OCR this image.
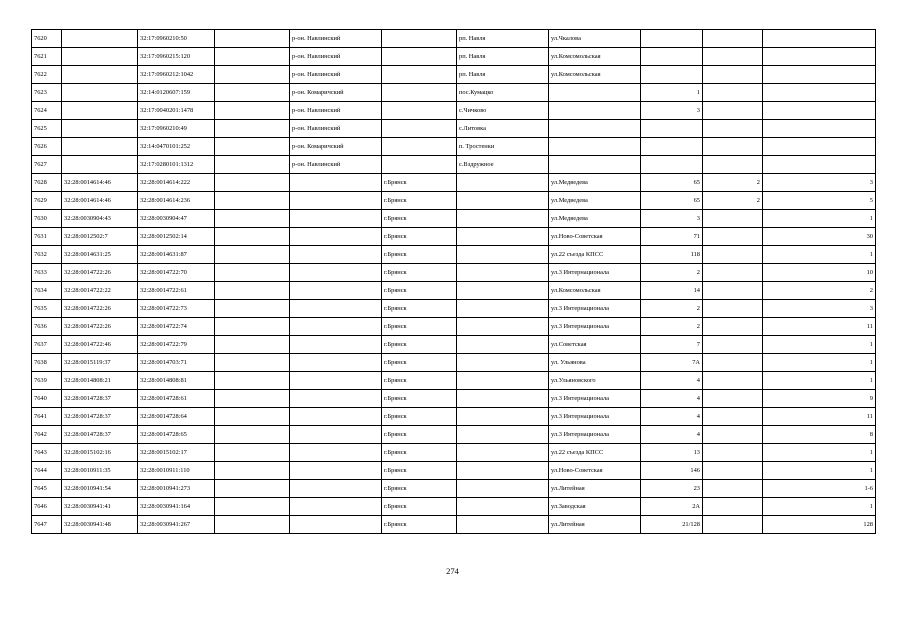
7620		32:17:0960210:50		р-он. Навлинский		рп. Навля	ул.Чкалова			
7621		32:17:0960215:120		р-он. Навлинский		рп. Навля	ул.Комсомольская			
7622		32:17:0960212:1042		р-он. Навлинский		рп. Навля	ул.Комсомольская			
7623		32:14:0120607:159		р-он. Комаричский		пос.Кумацко		1		
7624		32:17:0040201:1478		р-он. Навлинский		с.Чичково		3		
7625		32:17:0960210:49		р-он. Навлинский		с.Литовка				
7626		32:14:0470101:252		р-он. Комаричский		п. Тростенки				
7627		32:17:0280101:1312		р-он. Навлинский		с.Вздружное				
7628	32:28:0014614:46	32:28:0014614:222			г.Брянск		ул.Медведева	65	2	3
7629	32:28:0014614:46	32:28:0014614:236			г.Брянск		ул.Медведева	65	2	5
7630	32:28:0030904:43	32:28:0030904:47			г.Брянск		ул.Медведева	3		1
7631	32:28:0012502:7	32:28:0012502:14			г.Брянск		ул.Ново-Советская	71		30
7632	32:28:0014631:25	32:28:0014631:87			г.Брянск		ул.22 съезда КПСС	118		1
7633	32:28:0014722:26	32:28:0014722:70			г.Брянск		ул.3 Интернационала	2		10
7634	32:28:0014722:22	32:28:0014722:61			г.Брянск		ул.Комсомольская	14		2
7635	32:28:0014722:26	32:28:0014722:73			г.Брянск		ул.3 Интернационала	2		3
7636	32:28:0014722:26	32:28:0014722:74			г.Брянск		ул.3 Интернационала	2		11
7637	32:28:0014722:46	32:28:0014722:79			г.Брянск		ул.Советская	7		1
7638	32:28:0015119:37	32:28:0014703:71			г.Брянск		ул. Ульянова	7А		1
7639	32:28:0014808:21	32:28:0014808:81			г.Брянск		ул.Ульяновского	4		1
7640	32:28:0014728:37	32:28:0014728:61			г.Брянск		ул.3 Интернационала	4		9
7641	32:28:0014728:37	32:28:0014728:64			г.Брянск		ул.3 Интернационала	4		11
7642	32:28:0014728:37	32:28:0014728:65			г.Брянск		ул.3 Интернационала	4		8
7643	32:28:0015102:16	32:28:0015102:17			г.Брянск		ул.22 съезда КПСС	13		1
7644	32:28:0010911:35	32:28:0010911:110			г.Брянск		ул.Ново-Советская	146		1
7645	32:28:0010941:54	32:28:0010941:273			г.Брянск		ул.Литейная	23		1-6
7646	32:28:0030941:41	32:28:0030941:164			г.Брянск		ул.Заводская	2А		1
7647	32:28:0030941:48	32:28:0030941:267			г.Брянск		ул.Литейная	21/128		128
274
